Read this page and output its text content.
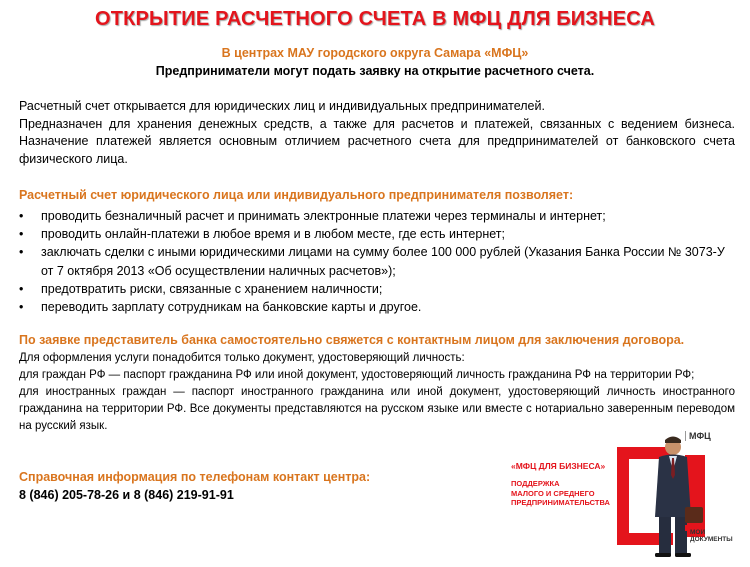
ОТКРЫТИЕ РАСЧЕТНОГО СЧЕТА В МФЦ ДЛЯ БИЗНЕСА
В центрах МАУ городского округа Самара «МФЦ»
Предприниматели могут подать заявку на открытие расчетного счета.
Расчетный счет открывается для юридических лиц и индивидуальных предпринимателей.
Предназначен для хранения денежных средств, а также для расчетов и платежей, связанных с ведением бизнеса. Назначение платежей является основным отличием расчетного счета для предпринимателей от банковского счета физического лица.
Расчетный счет юридического лица или индивидуального предпринимателя позволяет:
• проводить безналичный расчет и принимать электронные платежи через терминалы и интернет;
• проводить онлайн-платежи в любое время и в любом месте, где есть интернет;
• заключать сделки с иными юридическими лицами на сумму более 100 000 рублей (Указания Банка России № 3073-У от 7 октября 2013 «Об осуществлении наличных расчетов»);
• предотвратить риски, связанные с хранением наличности;
• переводить зарплату сотрудникам на банковские карты и другое.
По заявке представитель банка самостоятельно свяжется с контактным лицом для заключения договора.
Для оформления услуги понадобится только документ, удостоверяющий личность:
для граждан РФ — паспорт гражданина РФ или иной документ, удостоверяющий личность гражданина РФ на территории РФ;
для иностранных граждан — паспорт иностранного гражданина или иной документ, удостоверяющий личность иностранного гражданина на территории РФ. Все документы представляются на русском языке или вместе с нотариально заверенным переводом на русский язык.
Справочная информация по телефонам контакт центра:
8 (846) 205-78-26 и 8 (846) 219-91-91
МФЦ
«МФЦ ДЛЯ БИЗНЕСА»
ПОДДЕРЖКА
МАЛОГО И СРЕДНЕГО
ПРЕДПРИНИМАТЕЛЬСТВА
МОИ
ДОКУМЕНТЫ
